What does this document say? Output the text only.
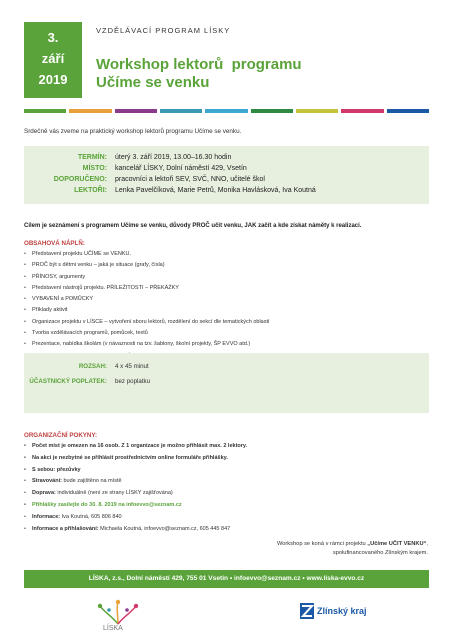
3.
září
2019
VZDĚLÁVACÍ PROGRAM LÍSKY
Workshop lektorů  programu
Učíme se venku
Srdečně vás zveme na praktický workshop lektorů programu Učíme se venku.
TERMÍN:	úterý 3. září 2019, 13.00–16.30 hodin
MÍSTO:	kancelář LÍSKY, Dolní náměstí 429, Vsetín
DOPORUČENO:	pracovníci a lektoři SEV, SVČ, NNO, učitelé škol
LEKTOŘI:	Lenka Pavelčíková, Marie Petrů, Monika Havlásková, Iva Koutná
Cílem je seznámení s programem Učíme se venku, důvody PROČ učit venku, JAK začít a kde získat náměty k realizaci.
OBSAHOVÁ NÁPLŇ:
• Představení projektu UČÍME se VENKU.
• PROČ být s dětmi venku – jaká je situace (grafy, čísla)
• PŘÍNOSY, argumenty
• Představení nástrojů projektu. PŘÍLEŽITOSTI – PŘEKÁŽKY
• VYBAVENÍ a POMŮCKY
• Příklady aktivit
• Organizace projektu v LÍSCE – vytvoření sboru lektorů, rozdělení do sekcí dle tematických oblastí
• Tvorba vzdělávacích programů, pomůcek, textů
• Prezentace, nabídka školám (v návaznosti na tzv. šablony, školní projekty, ŠP EVVO atd.)
•
•
ROZSAH:	4 x 45 minut
ÚČASTNICKÝ POPLATEK:	bez poplatku
ORGANIZAČNÍ POKYNY:
• Počet míst je omezen na 16 osob. Z 1 organizace je možno přihlásit max. 2 lektory.
• Na akci je nezbytné se přihlásit prostřednictvím online formuláře přihlášky.
• S sebou: přezůvky
• Stravování: bude zajištěno na místě
• Doprava: individuálně (není ze strany LÍSKY zajišťována)
• Přihlášky zasílejte do 30. 8. 2019 na infoevvo@seznam.cz
• Informace: Iva Koutná, 605 806 840
• Informace a přihlašování: Michaela Koutná, infoevvo@seznam.cz, 605 445 847
Workshop se koná v rámci projektu „Učíme UČIT VENKU“,
spolufinancovaného Zlínským krajem.
LÍSKA, z.s., Dolní náměstí 429, 755 01 Vsetín • infoevvo@seznam.cz • www.liska-evvo.cz
LÍSKA
Zlínský kraj
